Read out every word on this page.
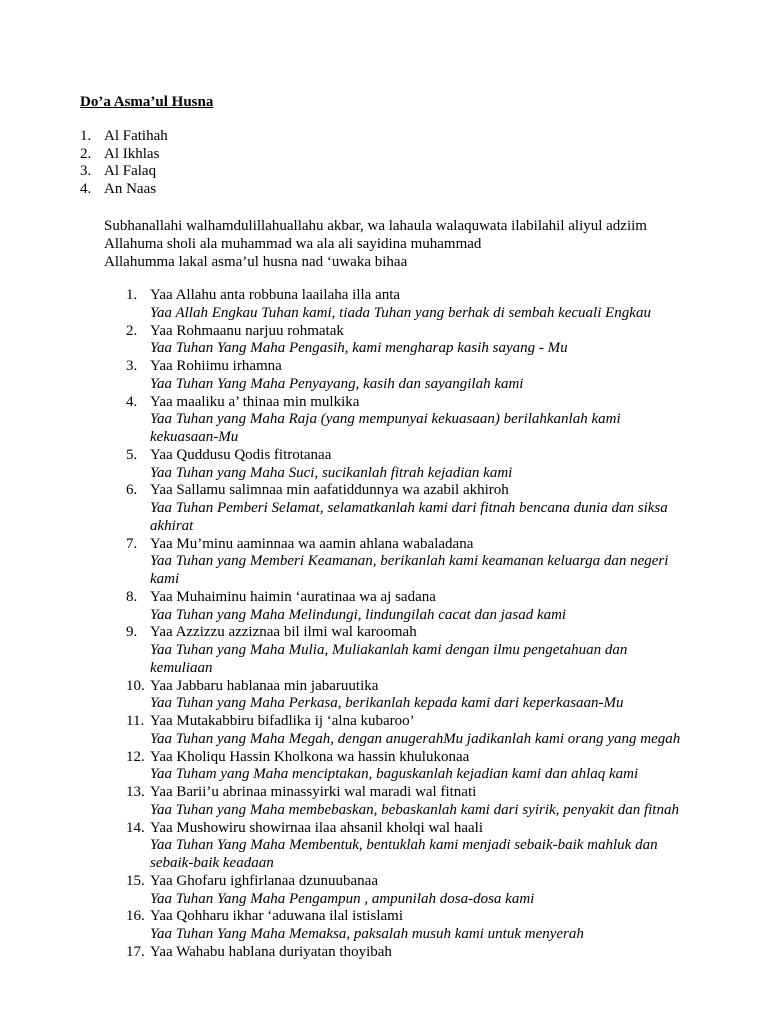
Do’a Asma’ul Husna
1. Al Fatihah
2. Al Ikhlas
3. Al Falaq
4. An Naas
Subhanallahi walhamdulillahuallahu akbar, wa lahaula walaquwata ilabilahil aliyul adziim
Allahuma sholi ala muhammad wa ala ali sayidina muhammad
Allahumma lakal asma’ul husna nad ‘uwaka bihaa
1. Yaa Allahu anta robbuna laailaha illa anta
Yaa Allah Engkau Tuhan kami, tiada Tuhan yang berhak di sembah kecuali Engkau
2. Yaa Rohmaanu narjuu rohmatak
Yaa Tuhan Yang Maha Pengasih, kami mengharap kasih sayang - Mu
3. Yaa Rohiimu irhamna
Yaa Tuhan Yang Maha Penyayang, kasih dan sayangilah kami
4. Yaa maaliku a’ thinaa min mulkika
Yaa Tuhan yang Maha Raja (yang mempunyai kekuasaan) berilahkanlah kami
kekuasaan-Mu
5. Yaa Quddusu Qodis fitrotanaa
Yaa Tuhan yang Maha Suci, sucikanlah fitrah kejadian kami
6. Yaa Sallamu salimnaa min aafatiddunnya wa azabil akhiroh
Yaa Tuhan Pemberi Selamat, selamatkanlah kami dari fitnah bencana dunia dan siksa
akhirat
7. Yaa Mu’minu aaminnaa wa aamin ahlana wabaladana
Yaa Tuhan yang Memberi Keamanan, berikanlah kami keamanan keluarga dan negeri
kami
8. Yaa Muhaiminu haimin ‘auratinaa wa aj sadana
Yaa Tuhan yang Maha Melindungi, lindungilah cacat dan jasad kami
9. Yaa Azzizzu azziznaa bil ilmi wal karoomah
Yaa Tuhan yang Maha Mulia, Muliakanlah kami dengan ilmu pengetahuan dan
kemuliaan
10. Yaa Jabbaru hablanaa min jabaruutika
Yaa Tuhan yang Maha Perkasa, berikanlah kepada kami dari keperkasaan-Mu
11. Yaa Mutakabbiru bifadlika ij ‘alna kubaroo’
Yaa Tuhan yang Maha Megah, dengan anugerahMu jadikanlah kami orang yang megah
12. Yaa Kholiqu Hassin Kholkona wa hassin khulukonaa
Yaa Tuham yang Maha menciptakan, baguskanlah kejadian kami dan ahlaq kami
13. Yaa Barii’u abrinaa minassyirki wal maradi wal fitnati
Yaa Tuhan yang Maha membebaskan, bebaskanlah kami dari syirik, penyakit dan fitnah
14. Yaa Mushowiru showirnaa ilaa ahsanil kholqi wal haali
Yaa Tuhan Yang Maha Membentuk, bentuklah kami menjadi sebaik-baik mahluk dan
sebaik-baik keadaan
15. Yaa Ghofaru ighfirlanaa dzunuubanaa
Yaa Tuhan Yang Maha Pengampun , ampunilah dosa-dosa kami
16. Yaa Qohharu ikhar ‘aduwana ilal istislami
Yaa Tuhan Yang Maha Memaksa, paksalah musuh kami untuk menyerah
17. Yaa Wahabu hablana duriyatan thoyibah
